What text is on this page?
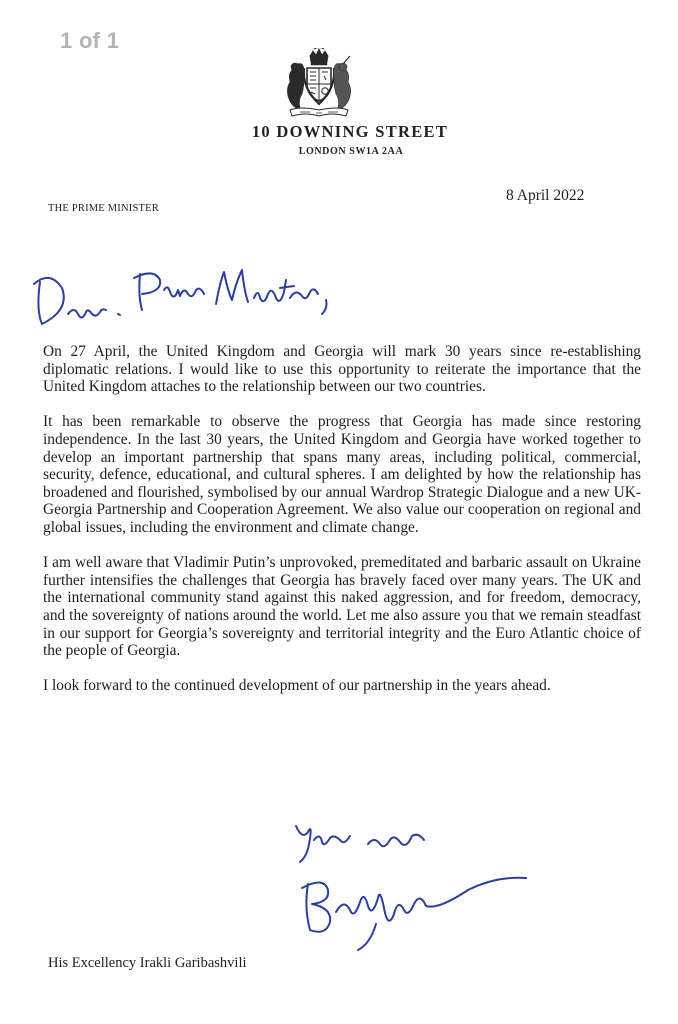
1 of 1
10 DOWNING STREET
LONDON SW1A 2AA
8 April 2022
THE PRIME MINISTER

On 27 April, the United Kingdom and Georgia will mark 30 years since re-establishing diplomatic relations. I would like to use this opportunity to reiterate the importance that the United Kingdom attaches to the relationship between our two countries.

It has been remarkable to observe the progress that Georgia has made since restoring independence. In the last 30 years, the United Kingdom and Georgia have worked together to develop an important partnership that spans many areas, including political, commercial, security, defence, educational, and cultural spheres. I am delighted by how the relationship has broadened and flourished, symbolised by our annual Wardrop Strategic Dialogue and a new UK-Georgia Partnership and Cooperation Agreement. We also value our cooperation on regional and global issues, including the environment and climate change.

I am well aware that Vladimir Putin’s unprovoked, premeditated and barbaric assault on Ukraine further intensifies the challenges that Georgia has bravely faced over many years. The UK and the international community stand against this naked aggression, and for freedom, democracy, and the sovereignty of nations around the world. Let me also assure you that we remain steadfast in our support for Georgia’s sovereignty and territorial integrity and the Euro Atlantic choice of the people of Georgia.

I look forward to the continued development of our partnership in the years ahead.

His Excellency Irakli Garibashvili
